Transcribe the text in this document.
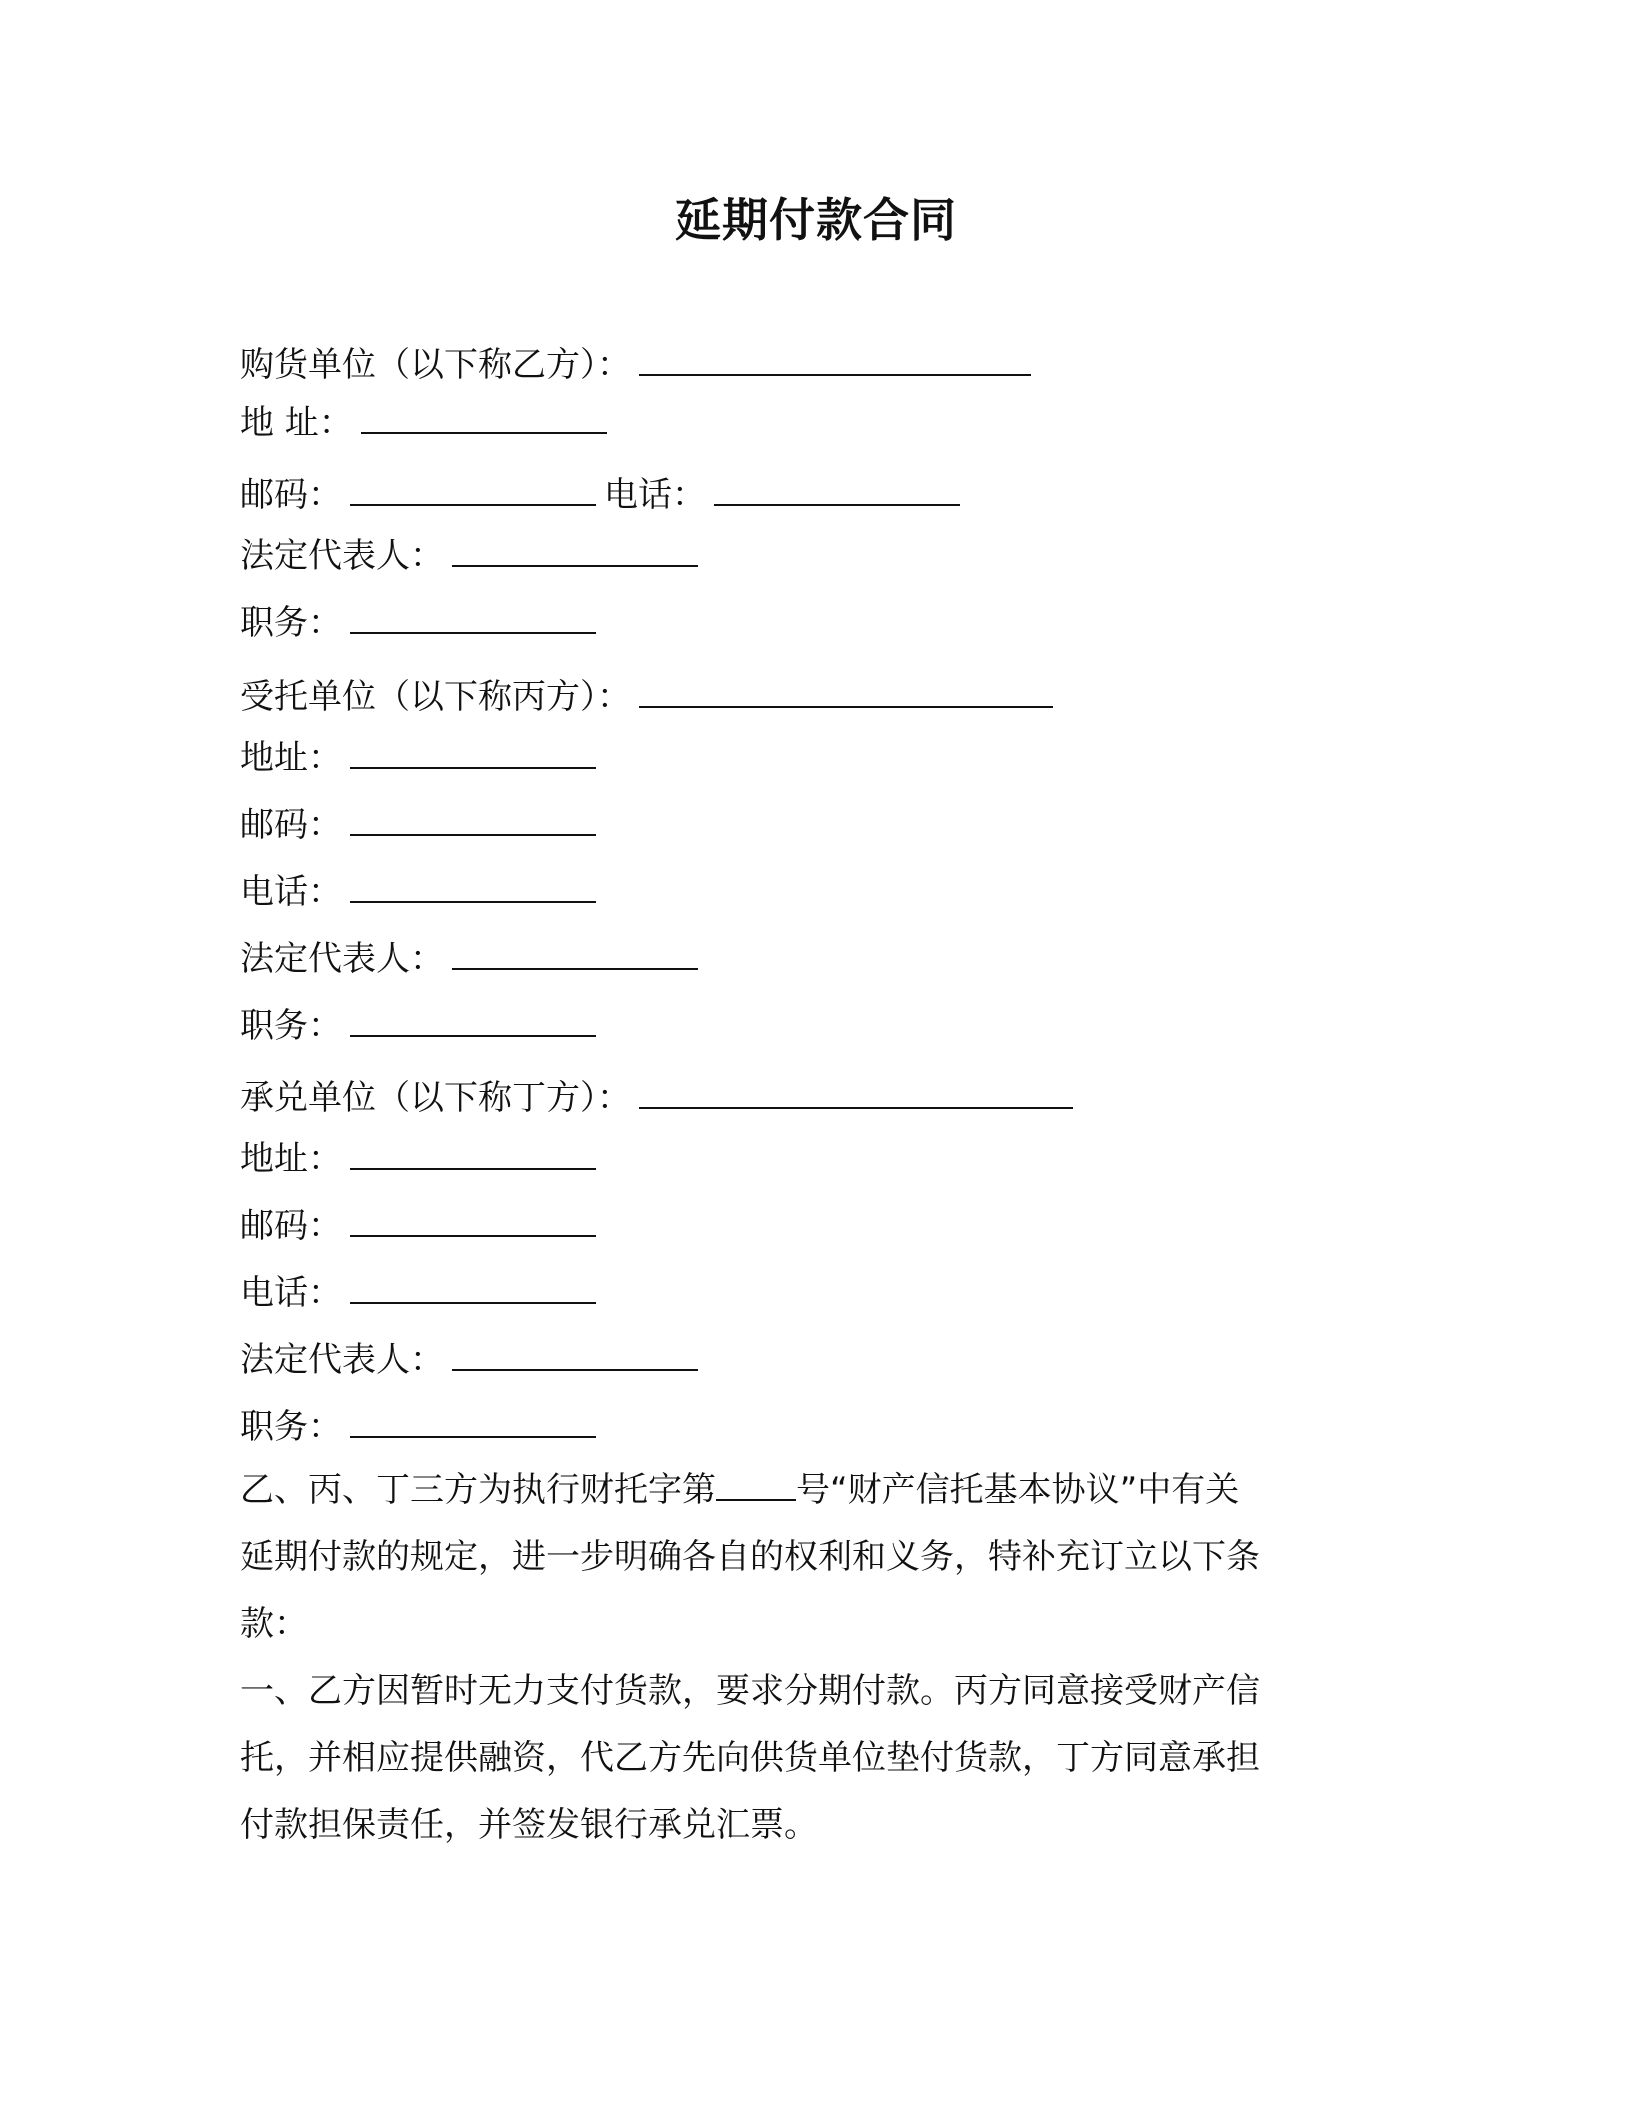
延期付款合同
购货单位（以下称乙方）：
地 址：
邮码：	电话：
法定代表人：
职务：
受托单位（以下称丙方）：
地址：
邮码：
电话：
法定代表人：
职务：
承兑单位（以下称丁方）：
地址：
邮码：
电话：
法定代表人：
职务：
乙、丙、丁三方为执行财托字第 号“财产信托基本协议”中有关
延期付款的规定，进一步明确各自的权利和义务，特补充订立以下条
款：
一、乙方因暂时无力支付货款，要求分期付款。丙方同意接受财产信
托，并相应提供融资，代乙方先向供货单位垫付货款，丁方同意承担
付款担保责任，并签发银行承兑汇票。
